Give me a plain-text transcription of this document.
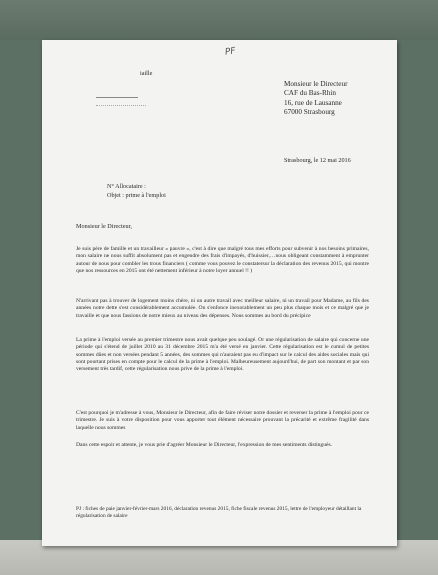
PF
iaille
Monsieur le Directeur
CAF du Bas-Rhin
16, rue de Lausanne
67000 Strasbourg
Strasbourg, le 12 mai 2016
N° Allocataire :
Objet : prime à l'emploi
Monsieur le Directeur,
Je suis père de famille et un travailleur « pauvre », c'est à dire que malgré tous mes efforts pour subvenir à nos besoins primaires, mon salaire ne nous suffit absolument pas et engendre des frais d'impayés, d'huissier,…nous obligeant constamment à emprunter autour de nous pour combler les trous financiers ( comme vous pouvez le constatersur la déclaration des revenus 2015, qui montre que nos ressources en 2015 ont été nettement inférieur à notre loyer annuel !! )
N'arrivant pas à trouver de logement moins chère, ni un autre travail avec meilleur salaire, ni un travail pour Madame, au fils des années notre dette s'est considérablement accumulée. On s'enfonce inexorablement un peu plus chaque mois et ce malgré que je travaille et que nous fassions de notre mieux au niveau des dépenses. Nous sommes au bord du précipice
La prime à l'emploi versée au premier trimestre nous avait quelque peu soulagé. Or une régularisation de salaire qui concerne une période qui s'étend de juillet 2010 au 31 décembre 2015 m'a été versé en janvier. Cette régularisation est le cumul de petites sommes dûes et non versées pendant 5 années, des sommes qui n'auraient pas eu d'impact sur le calcul des aides sociales mais qui sont pourtant prises en compte pour le calcul de la prime à l'emploi. Malheureusement aujourd'hui, de part son montant et par son versement très tardif, cette régularisation nous prive de la prime à l'emploi.
C'est pourquoi je m'adresse à vous, Monsieur le Directeur, afin de faire réviser notre dossier et reverser la prime à l'emploi pour ce trimestre. Je suis à votre disposition pour vous apporter tout élément nécessaire prouvant la précarité et extrême fragilité dans laquelle nous sommes
Dans cette espoir et attente, je vous prie d'agréer Monsieur le Directeur, l'expression de mes sentiments distingués.
PJ : fiches de paie janvier-février-mars 2016, déclaration revenus 2015, fiche fiscale revenus 2015, lettre de l'employeur détaillant la régularisation de salaire
